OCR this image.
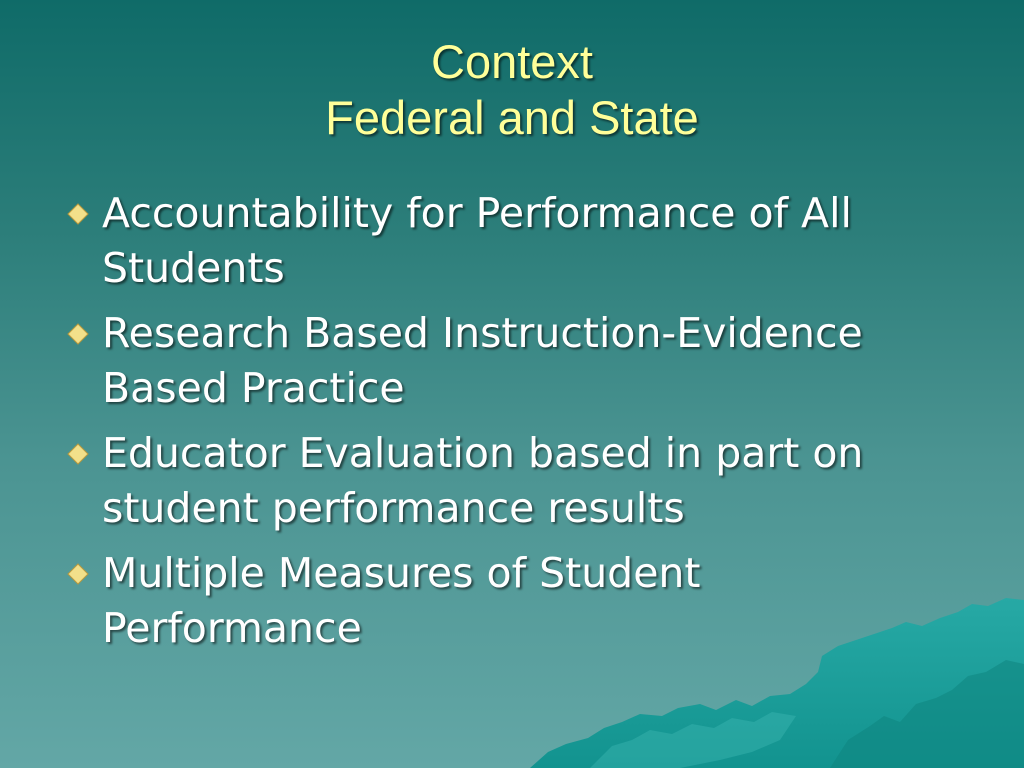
Context
Federal and State
Accountability for Performance of All Students
Research Based Instruction-Evidence Based Practice
Educator Evaluation based in part on student performance results
Multiple Measures of Student Performance
